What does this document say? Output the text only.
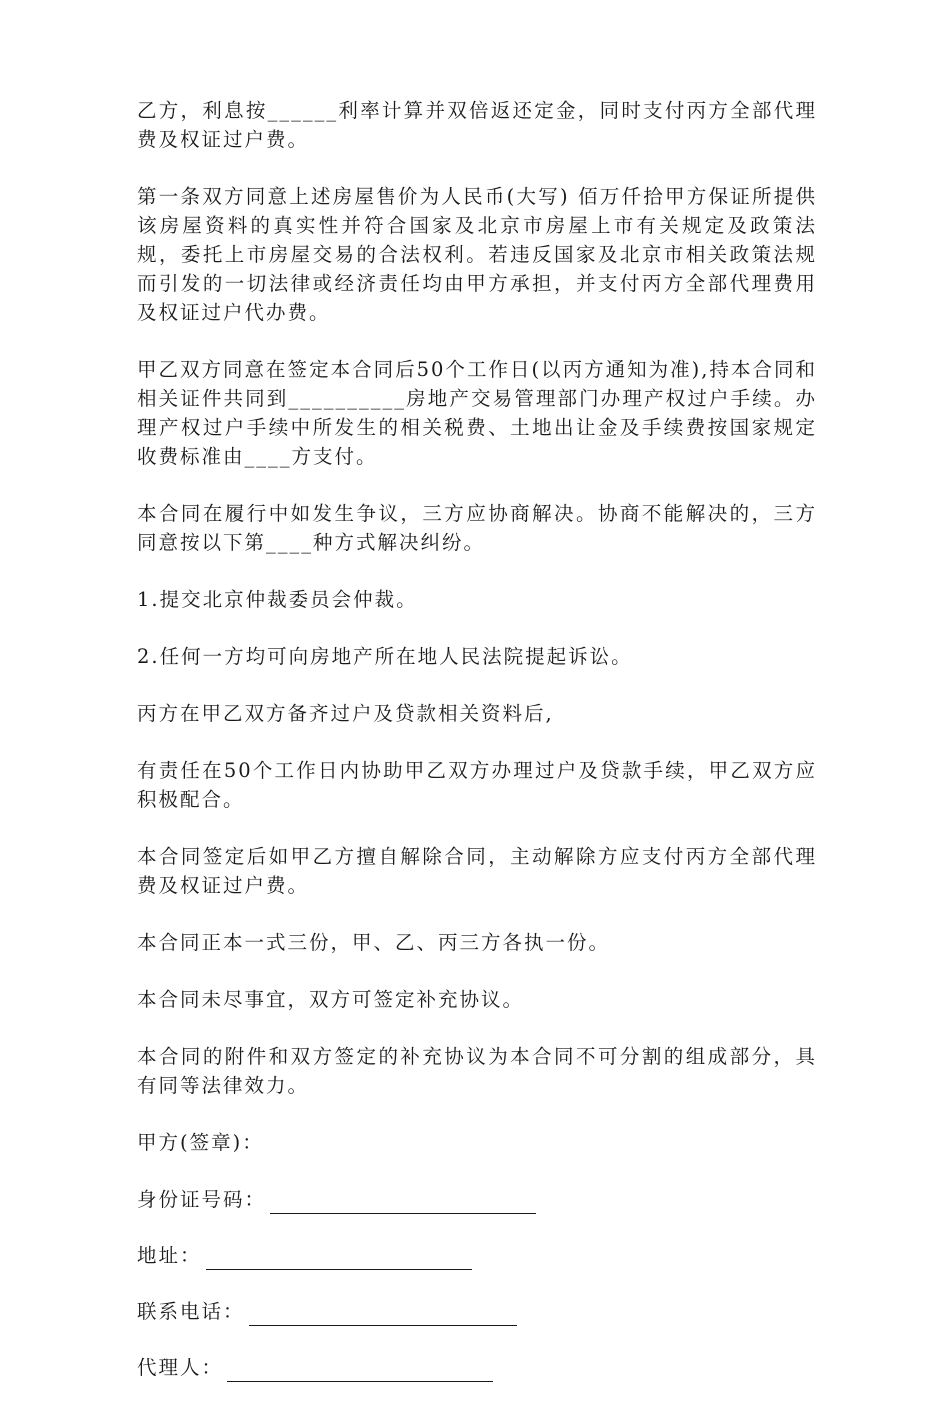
乙方，利息按______利率计算并双倍返还定金，同时支付丙方全部代理费及权证过户费。

第一条双方同意上述房屋售价为人民币(大写) 佰万仟拾甲方保证所提供该房屋资料的真实性并符合国家及北京市房屋上市有关规定及政策法规，委托上市房屋交易的合法权利。若违反国家及北京市相关政策法规而引发的一切法律或经济责任均由甲方承担，并支付丙方全部代理费用及权证过户代办费。

甲乙双方同意在签定本合同后50个工作日(以丙方通知为准),持本合同和相关证件共同到__________房地产交易管理部门办理产权过户手续。办理产权过户手续中所发生的相关税费、土地出让金及手续费按国家规定收费标准由____方支付。

本合同在履行中如发生争议，三方应协商解决。协商不能解决的，三方同意按以下第____种方式解决纠纷。

1.提交北京仲裁委员会仲裁。

2.任何一方均可向房地产所在地人民法院提起诉讼。

丙方在甲乙双方备齐过户及贷款相关资料后,

有责任在50个工作日内协助甲乙双方办理过户及贷款手续，甲乙双方应积极配合。

本合同签定后如甲乙方擅自解除合同，主动解除方应支付丙方全部代理费及权证过户费。

本合同正本一式三份，甲、乙、丙三方各执一份。

本合同未尽事宜，双方可签定补充协议。

本合同的附件和双方签定的补充协议为本合同不可分割的组成部分，具有同等法律效力。

甲方(签章)：

身份证号码：
地址：
联系电话：
代理人：
